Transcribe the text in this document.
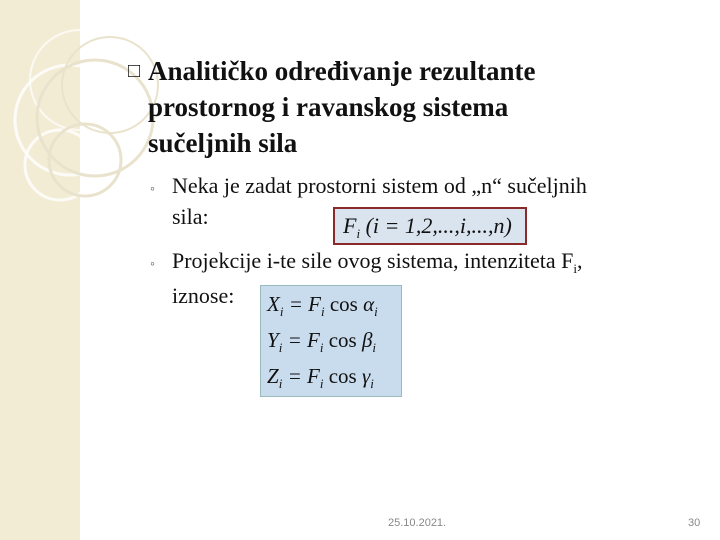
□ Analitičko određivanje rezultante
prostornog i ravanskog sistema
sučeljnih sila
◦ Neka je zadat prostorni sistem od „n“ sučeljnih
sila:	$F_i$ (i = 1,2,...,i,...,n)
◦ Projekcije i-te sile ovog sistema, intenziteta $F_i$,
iznose:	$X_i = F_i$ $\cos \alpha_i$
$Y_i = F_i$ $\cos \beta_i$
$Z_i = F_i$ $\cos \gamma_i$
25.10.2021.	30
